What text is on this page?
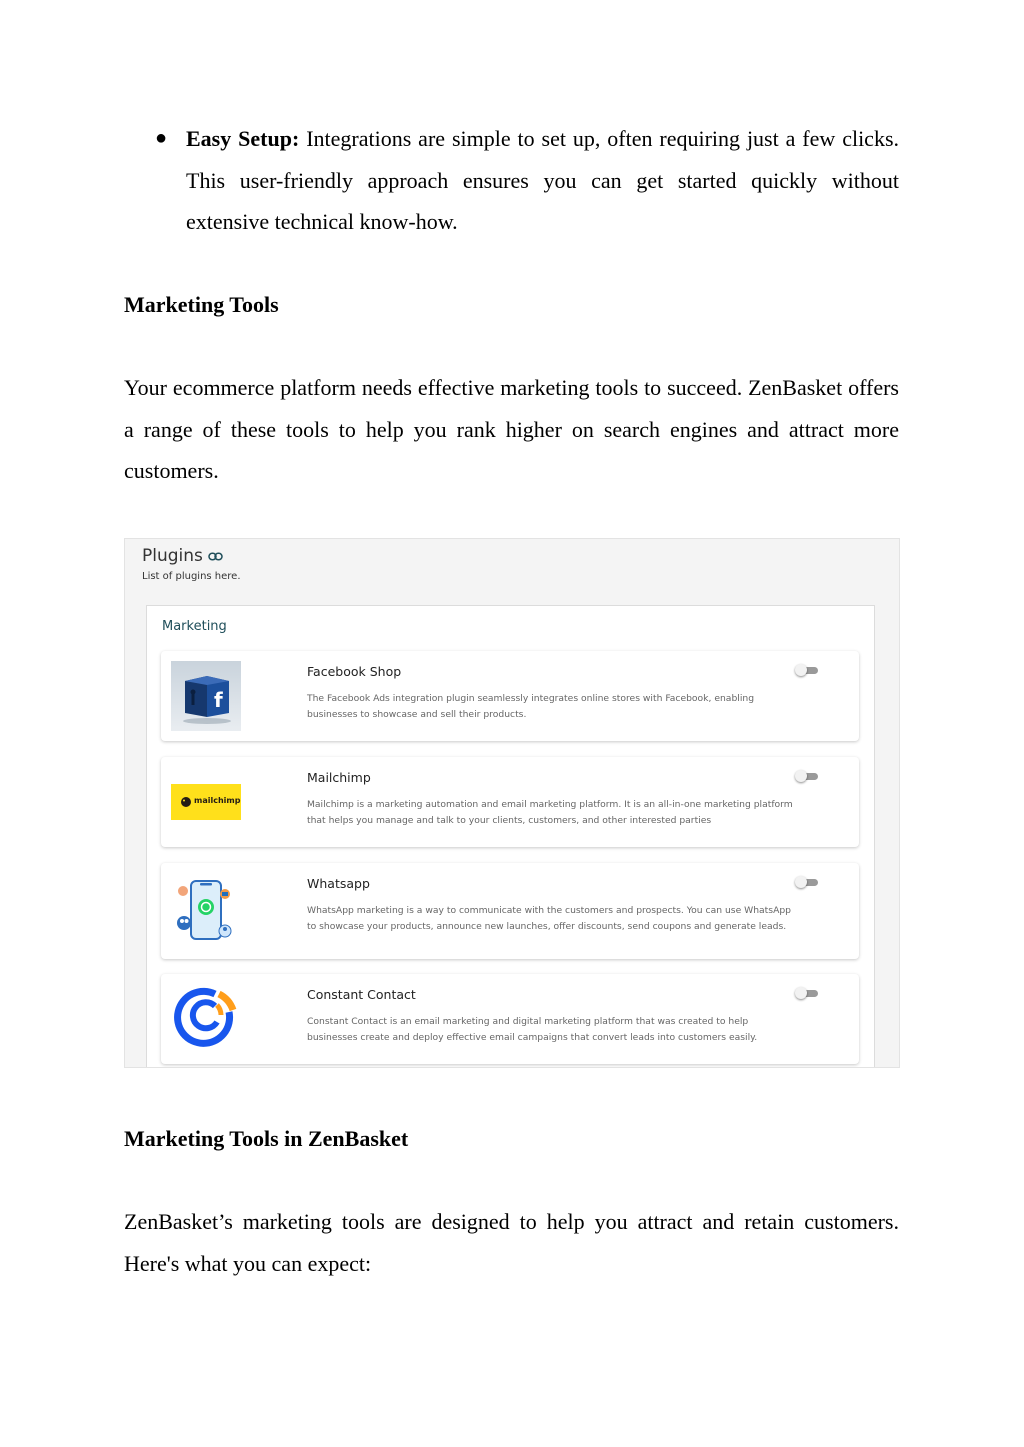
● Easy Setup: Integrations are simple to set up, often requiring just a few clicks. This user-friendly approach ensures you can get started quickly without extensive technical know-how.
Marketing Tools
Your ecommerce platform needs effective marketing tools to succeed. ZenBasket offers a range of these tools to help you rank higher on search engines and attract more customers.
Plugins
List of plugins here.
Marketing
f
Facebook Shop
The Facebook Ads integration plugin seamlessly integrates online stores with Facebook, enabling businesses to showcase and sell their products.
mailchimp
Mailchimp
Mailchimp is a marketing automation and email marketing platform. It is an all-in-one marketing platform that helps you manage and talk to your clients, customers, and other interested parties
Whatsapp
WhatsApp marketing is a way to communicate with the customers and prospects. You can use WhatsApp to showcase your products, announce new launches, offer discounts, send coupons and generate leads.
Constant Contact
Constant Contact is an email marketing and digital marketing platform that was created to help businesses create and deploy effective email campaigns that convert leads into customers easily.
Marketing Tools in ZenBasket
ZenBasket’s marketing tools are designed to help you attract and retain customers. Here's what you can expect:
